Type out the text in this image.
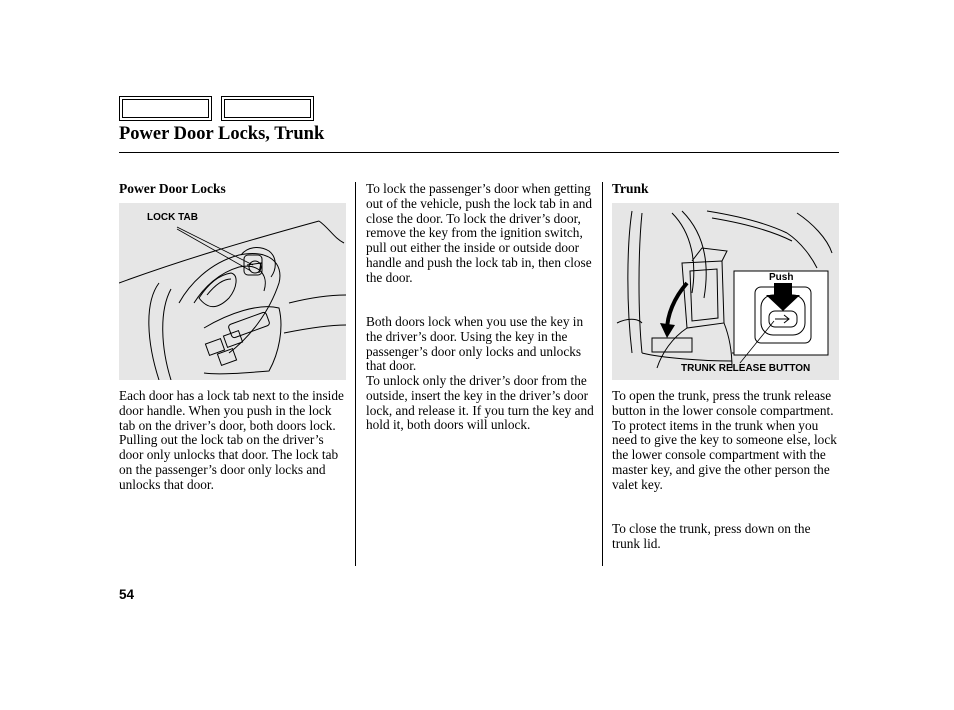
Power Door Locks, Trunk
Power Door Locks
LOCK TAB

Each door has a lock tab next to the inside door handle. When you push in the lock tab on the driver’s door, both doors lock. Pulling out the lock tab on the driver’s door only unlocks that door. The lock tab on the passenger’s door only locks and unlocks that door.

To lock the passenger’s door when getting out of the vehicle, push the lock tab in and close the door. To lock the driver’s door, remove the key from the ignition switch, pull out either the inside or outside door handle and push the lock tab in, then close the door.

Both doors lock when you use the key in the driver’s door. Using the key in the passenger’s door only locks and unlocks that door.

To unlock only the driver’s door from the outside, insert the key in the driver’s door lock, and release it. If you turn the key and hold it, both doors will unlock.

Trunk
Push
TRUNK RELEASE BUTTON

To open the trunk, press the trunk release button in the lower console compartment. To protect items in the trunk when you need to give the key to someone else, lock the lower console compartment with the master key, and give the other person the valet key.

To close the trunk, press down on the trunk lid.

54
